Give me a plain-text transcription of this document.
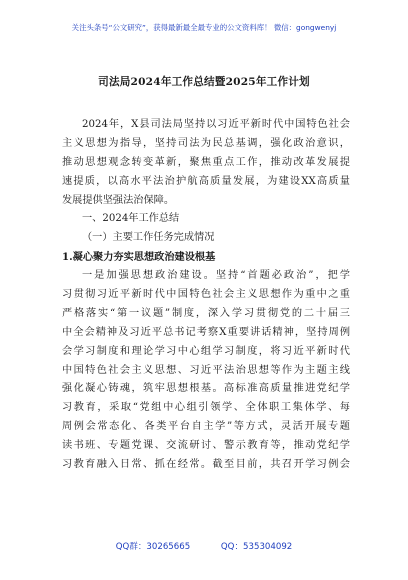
关注头条号“公文研究”，获得最新最全最专业的公文资料库！ 微信：gongwenyj
司法局2024年工作总结暨2025年工作计划
2024年，X县司法局坚持以习近平新时代中国特色社会
主义思想为指导，坚持司法为民总基调，强化政治意识，
推动思想观念转变革新，聚焦重点工作，推动改革发展提
速提质，以高水平法治护航高质量发展，为建设XX高质量
发展提供坚强法治保障。
一、2024年工作总结
（一）主要工作任务完成情况
1.凝心聚力夯实思想政治建设根基
一是加强思想政治建设。坚持“首题必政治”，把学
习贯彻习近平新时代中国特色社会主义思想作为重中之重
严格落实“第一议题”制度，深入学习贯彻党的二十届三
中全会精神及习近平总书记考察X重要讲话精神，坚持周例
会学习制度和理论学习中心组学习制度，将习近平新时代
中国特色社会主义思想、习近平法治思想等作为主题主线
强化凝心铸魂，筑牢思想根基。高标准高质量推进党纪学
习教育，采取“党组中心组引领学、全体职工集体学、每
周例会常态化、各类平台自主学”等方式，灵活开展专题
读书班、专题党课、交流研讨、警示教育等，推动党纪学
习教育融入日常、抓在经常。截至目前，共召开学习例会
QQ群：30265665	QQ：535304092
